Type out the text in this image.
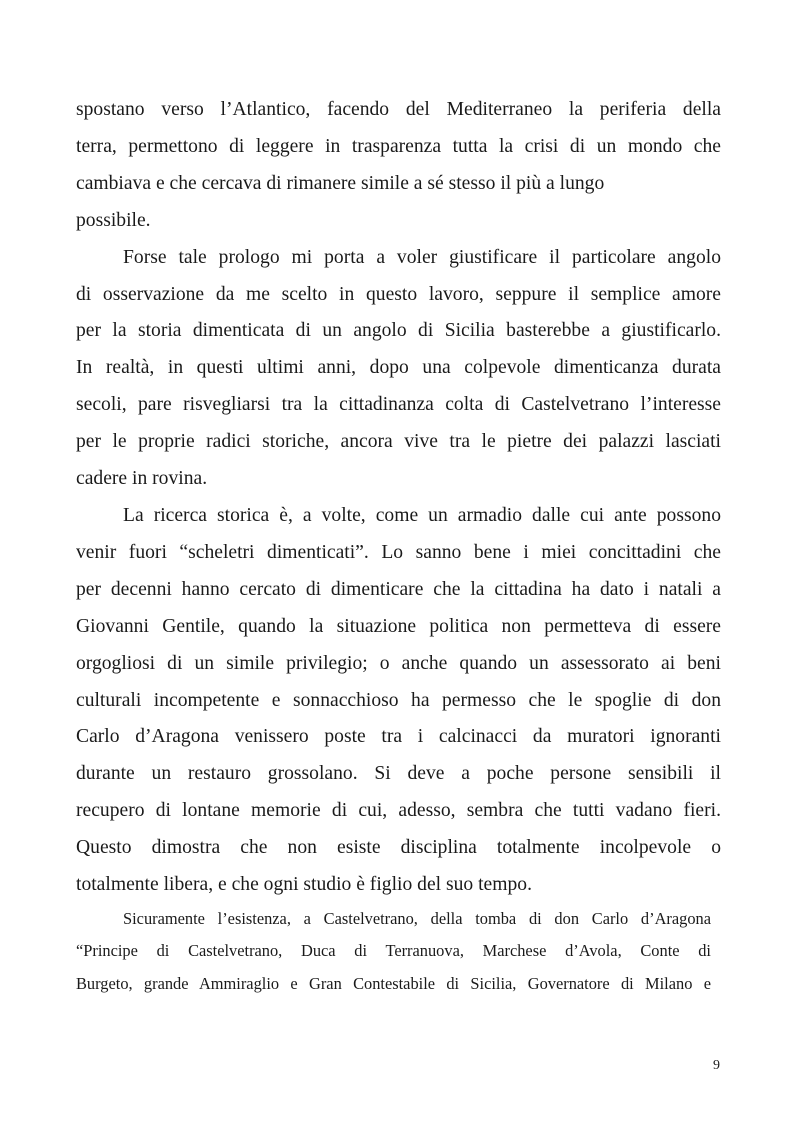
spostano verso l’Atlantico, facendo del Mediterraneo la periferia della
terra, permettono di leggere in trasparenza tutta la crisi di un mondo che
cambiava e che cercava di rimanere simile a sé stesso il più a lungo
possibile.
Forse tale prologo mi porta a voler giustificare il particolare angolo
di osservazione da me scelto in questo lavoro, seppure il semplice amore
per la storia dimenticata di un angolo di Sicilia basterebbe a giustificarlo.
In realtà, in questi ultimi anni, dopo una colpevole dimenticanza durata
secoli, pare risvegliarsi tra la cittadinanza colta di Castelvetrano l’interesse
per le proprie radici storiche, ancora vive tra le pietre dei palazzi lasciati
cadere in rovina.
La ricerca storica è, a volte, come un armadio dalle cui ante possono
venir fuori “scheletri dimenticati”. Lo sanno bene i miei concittadini che
per decenni hanno cercato di dimenticare che la cittadina ha dato i natali a
Giovanni Gentile, quando la situazione politica non permetteva di essere
orgogliosi di un simile privilegio; o anche quando un assessorato ai beni
culturali incompetente e sonnacchioso ha permesso che le spoglie di don
Carlo d’Aragona venissero poste tra i calcinacci da muratori ignoranti
durante un restauro grossolano. Si deve a poche persone sensibili il
recupero di lontane memorie di cui, adesso, sembra che tutti vadano fieri.
Questo dimostra che non esiste disciplina totalmente incolpevole o
totalmente libera, e che ogni studio è figlio del suo tempo.
Sicuramente l’esistenza, a Castelvetrano, della tomba di don Carlo d’Aragona
“Principe di Castelvetrano, Duca di Terranuova, Marchese d’Avola, Conte di
Burgeto, grande Ammiraglio e Gran Contestabile di Sicilia, Governatore di Milano e
9
